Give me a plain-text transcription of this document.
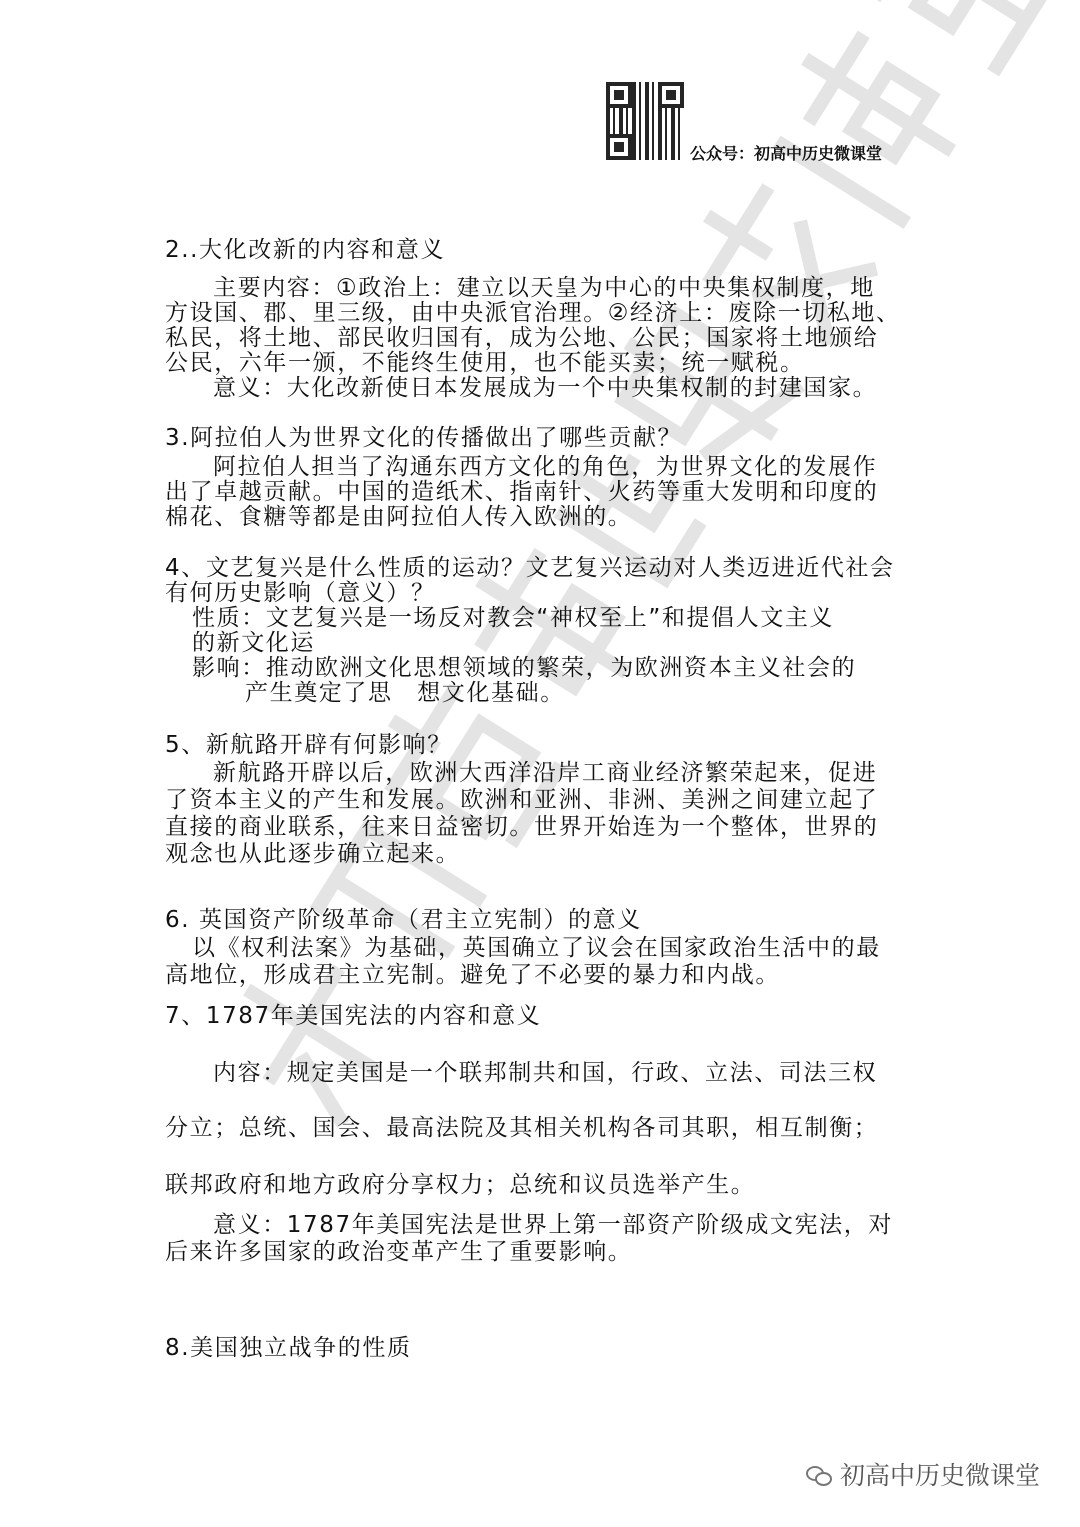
公众号：初高中历史微课堂
2..大化改新的内容和意义
主要内容：①政治上：建立以天皇为中心的中央集权制度，地
方设国、郡、里三级，由中央派官治理。②经济上：废除一切私地、
私民，将土地、部民收归国有，成为公地、公民；国家将土地颁给
公民，六年一颁，不能终生使用，也不能买卖；统一赋税。
意义：大化改新使日本发展成为一个中央集权制的封建国家。
3.阿拉伯人为世界文化的传播做出了哪些贡献？
阿拉伯人担当了沟通东西方文化的角色，为世界文化的发展作
出了卓越贡献。中国的造纸术、指南针、火药等重大发明和印度的
棉花、食糖等都是由阿拉伯人传入欧洲的。
4、文艺复兴是什么性质的运动？文艺复兴运动对人类迈进近代社会
有何历史影响（意义）？
性质：文艺复兴是一场反对教会“神权至上”和提倡人文主义
的新文化运
影响：推动欧洲文化思想领域的繁荣，为欧洲资本主义社会的
产生奠定了思　想文化基础。
5、新航路开辟有何影响？
新航路开辟以后，欧洲大西洋沿岸工商业经济繁荣起来，促进
了资本主义的产生和发展。欧洲和亚洲、非洲、美洲之间建立起了
直接的商业联系，往来日益密切。世界开始连为一个整体，世界的
观念也从此逐步确立起来。
6. 英国资产阶级革命（君主立宪制）的意义
以《权利法案》为基础，英国确立了议会在国家政治生活中的最
高地位，形成君主立宪制。避免了不必要的暴力和内战。
7、1787年美国宪法的内容和意义
内容：规定美国是一个联邦制共和国，行政、立法、司法三权
分立；总统、国会、最高法院及其相关机构各司其职，相互制衡；
联邦政府和地方政府分享权力；总统和议员选举产生。
意义：1787年美国宪法是世界上第一部资产阶级成文宪法，对
后来许多国家的政治变革产生了重要影响。
8.美国独立战争的性质
初高中历史微课堂
